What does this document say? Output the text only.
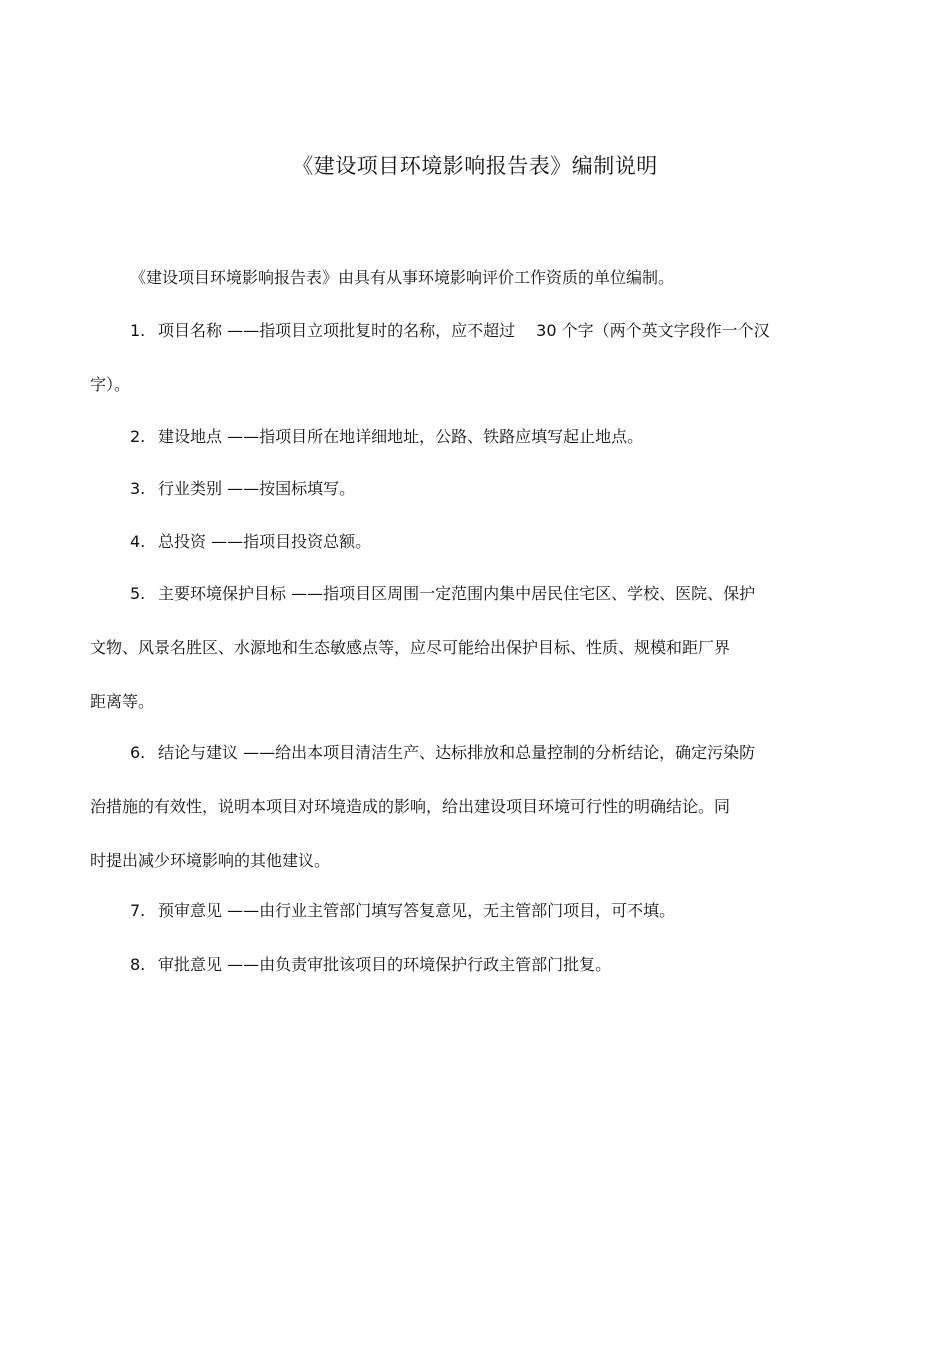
《建设项目环境影响报告表》编制说明
《建设项目环境影响报告表》由具有从事环境影响评价工作资质的单位编制。
1. 项目名称 ——指项目立项批复时的名称，应不超过　 30 个字（两个英文字段作一个汉
字）。
2. 建设地点 ——指项目所在地详细地址，公路、铁路应填写起止地点。
3. 行业类别 ——按国标填写。
4. 总投资 ——指项目投资总额。
5. 主要环境保护目标 ——指项目区周围一定范围内集中居民住宅区、学校、医院、保护
文物、风景名胜区、水源地和生态敏感点等，应尽可能给出保护目标、性质、规模和距厂界
距离等。
6. 结论与建议 ——给出本项目清洁生产、达标排放和总量控制的分析结论，确定污染防
治措施的有效性，说明本项目对环境造成的影响，给出建设项目环境可行性的明确结论。同
时提出减少环境影响的其他建议。
7. 预审意见 ——由行业主管部门填写答复意见，无主管部门项目，可不填。
8. 审批意见 ——由负责审批该项目的环境保护行政主管部门批复。
